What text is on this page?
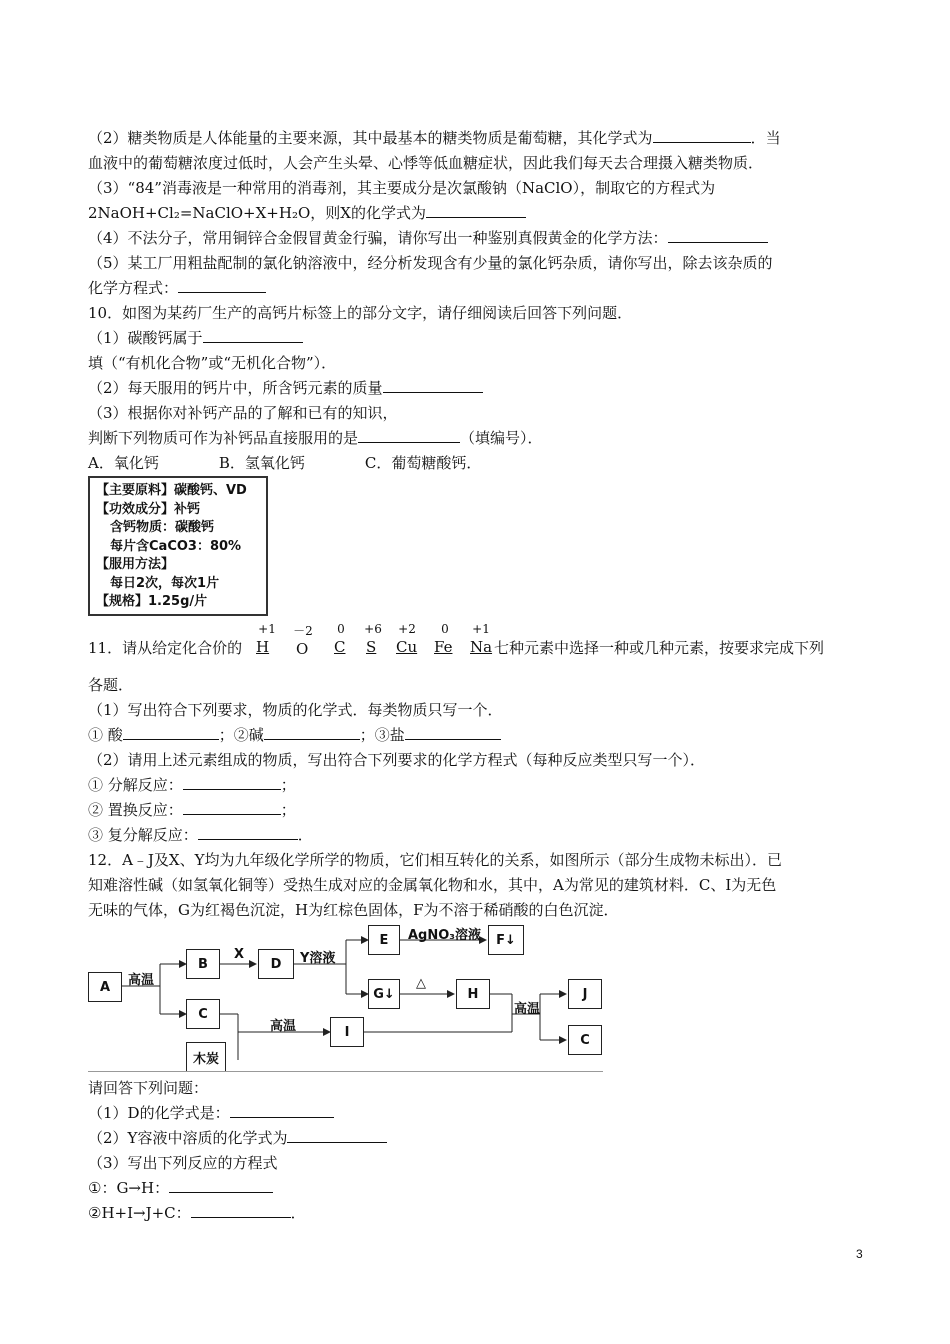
（2）糖类物质是人体能量的主要来源，其中最基本的糖类物质是葡萄糖，其化学式为	．当
血液中的葡萄糖浓度过低时，人会产生头晕、心悸等低血糖症状，因此我们每天去合理摄入糖类物质．
（3）“84”消毒液是一种常用的消毒剂，其主要成分是次氯酸钠（NaClO），制取它的方程式为
2NaOH+Cl₂=NaClO+X+H₂O，则X的化学式为
（4）不法分子，常用铜锌合金假冒黄金行骗，请你写出一种鉴别真假黄金的化学方法：
（5）某工厂用粗盐配制的氯化钠溶液中，经分析发现含有少量的氯化钙杂质，请你写出，除去该杂质的
化学方程式：
10．如图为某药厂生产的高钙片标签上的部分文字，请仔细阅读后回答下列问题．
（1）碳酸钙属于
填（“有机化合物”或“无机化合物”）．
（2）每天服用的钙片中，所含钙元素的质量
（3）根据你对补钙产品的了解和已有的知识，
判断下列物质可作为补钙品直接服用的是	（填编号）．
A．氧化钙　　　　B．氢氧化钙　　　　C．葡萄糖酸钙．
【主要原料】碳酸钙、VD
【功效成分】补钙
含钙物质：碳酸钙
每片含CaCO3：80%
【服用方法】
每日2次，每次1片
【规格】1.25g/片
11．请从给定化合价的
+1
H
－2
O
0
C
+6
S
+2
Cu
0
Fe
+1
Na 七种元素中选择一种或几种元素，按要求完成下列
各题．
（1）写出符合下列要求，物质的化学式．每类物质只写一个．
① 酸	；②碱	；③盐
（2）请用上述元素组成的物质，写出符合下列要求的化学方程式（每种反应类型只写一个）．
① 分解反应：	；
② 置换反应：	；
③ 复分解反应：	．
12．A﹣J及X、Y均为九年级化学所学的物质，它们相互转化的关系，如图所示（部分生成物未标出）．已
知难溶性碱（如氢氧化铜等）受热生成对应的金属氧化物和水，其中，A为常见的建筑材料．C、I为无色
无味的气体，G为红褐色沉淀，H为红棕色固体，F为不溶于稀硝酸的白色沉淀．
A
B
C
木炭
D
E	F↓
G↓	H
I
J
C
高温
X	Y溶液
AgNO₃溶液
△
高温
高温
请回答下列问题：
（1）D的化学式是：
（2）Y容液中溶质的化学式为
（3）写出下列反应的方程式
①：G→H：
②H+I→J+C：	．
3
